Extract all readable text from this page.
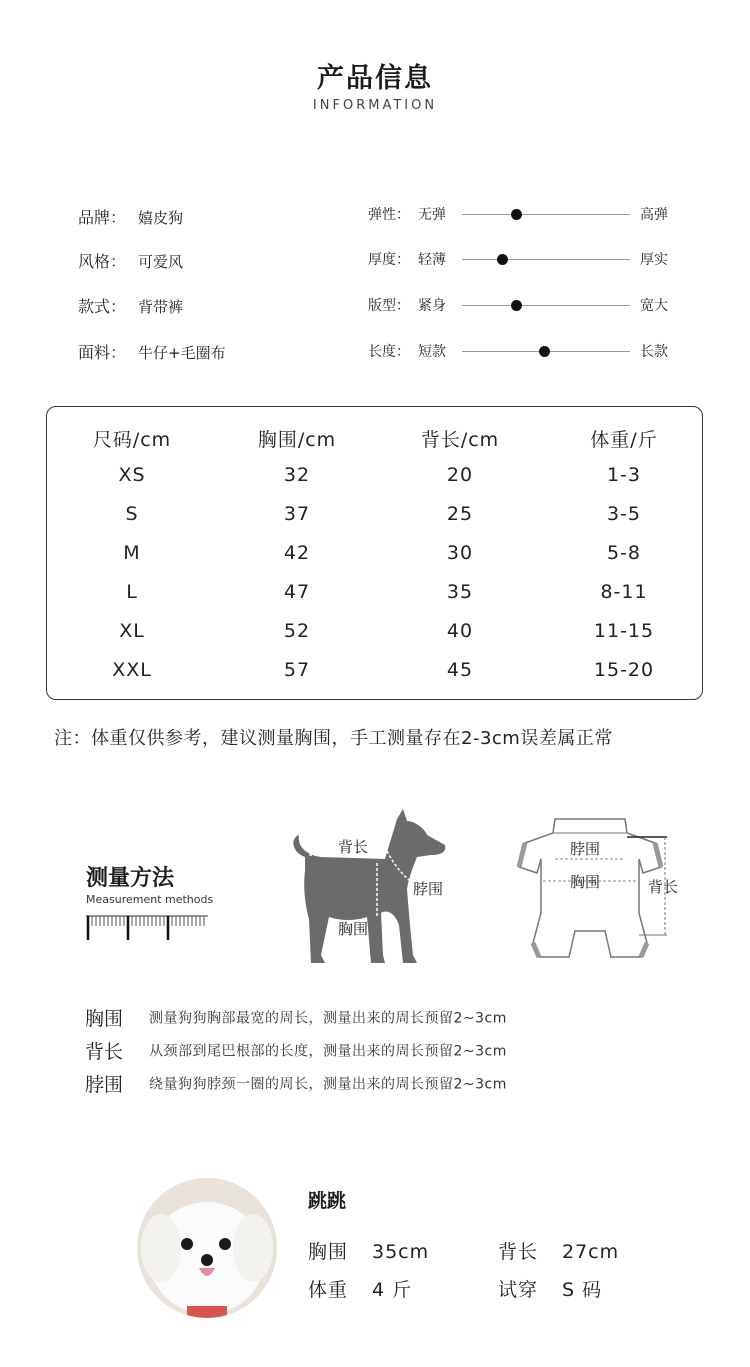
产品信息
INFORMATION
品牌： 嬉皮狗
风格： 可爱风
款式： 背带裤
面料： 牛仔+毛圈布
弹性： 无弹	高弹
厚度： 轻薄	厚实
版型： 紧身	宽大
长度： 短款	长款
尺码/cm	胸围/cm	背长/cm	体重/斤
XS	32	20	1-3
S	37	25	3-5
M	42	30	5-8
L	47	35	8-11
XL	52	40	11-15
XXL	57	45	15-20
注：体重仅供参考，建议测量胸围，手工测量存在2-3cm误差属正常
测量方法
Measurement methods
背长
脖围
胸围
脖围
胸围	背长
胸围 测量狗狗胸部最宽的周长，测量出来的周长预留2~3cm
背长 从颈部到尾巴根部的长度，测量出来的周长预留2~3cm
脖围 绕量狗狗脖颈一圈的周长，测量出来的周长预留2~3cm
跳跳
胸围 35cm	背长 27cm
体重 4 斤	试穿 S 码
